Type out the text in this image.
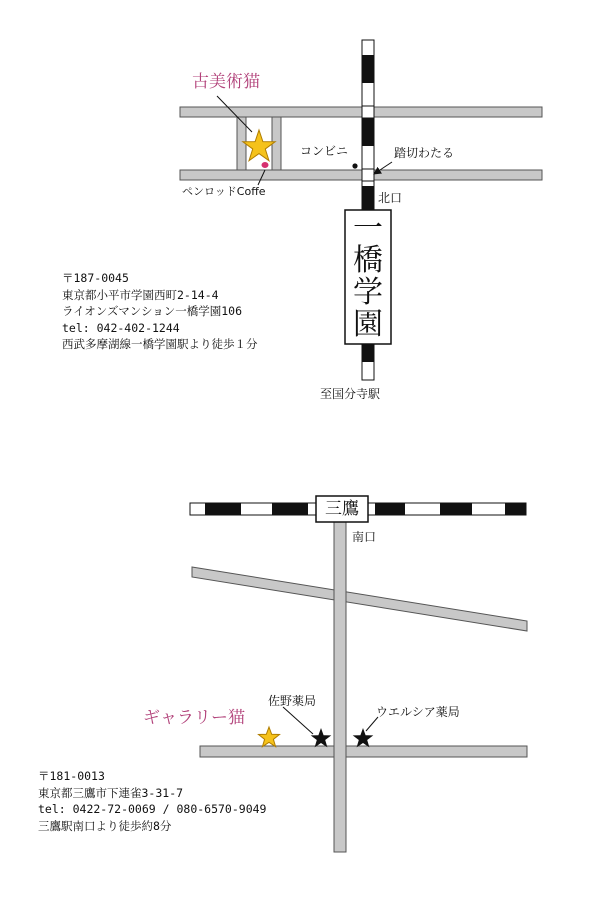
古美術猫
コンビニ	踏切わたる
北口
ペンロッドCoffe
至国分寺駅
一
橋
学
園
〒187-0045
東京都小平市学園西町2-14-4
ライオンズマンション一橋学園106
tel: 042-402-1244
西武多摩湖線一橋学園駅より徒歩１分
三鷹
南口
佐野薬局
ウエルシア薬局
ギャラリー猫
〒181-0013
東京都三鷹市下連雀3-31-7
tel: 0422-72-0069 / 080-6570-9049
三鷹駅南口より徒歩約8分
